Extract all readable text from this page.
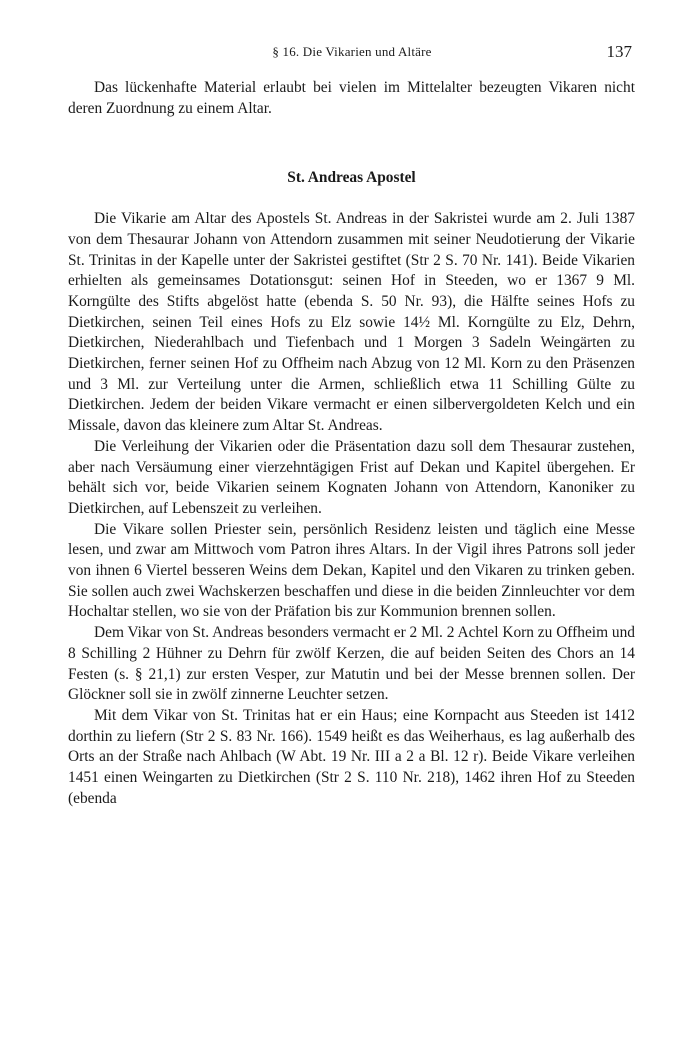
§ 16. Die Vikarien und Altäre	137

Das lückenhafte Material erlaubt bei vielen im Mittelalter bezeugten Vikaren nicht deren Zuordnung zu einem Altar.

St. Andreas Apostel

Die Vikarie am Altar des Apostels St. Andreas in der Sakristei wurde am 2. Juli 1387 von dem Thesaurar Johann von Attendorn zusammen mit seiner Neudotierung der Vikarie St. Trinitas in der Kapelle unter der Sakristei gestiftet (Str 2 S. 70 Nr. 141). Beide Vikarien erhielten als gemeinsames Dotationsgut: seinen Hof in Steeden, wo er 1367 9 Ml. Korngülte des Stifts abgelöst hatte (ebenda S. 50 Nr. 93), die Hälfte seines Hofs zu Dietkirchen, seinen Teil eines Hofs zu Elz sowie 14½ Ml. Korngülte zu Elz, Dehrn, Dietkirchen, Niederahlbach und Tiefenbach und 1 Morgen 3 Sadeln Weingärten zu Dietkirchen, ferner seinen Hof zu Offheim nach Abzug von 12 Ml. Korn zu den Präsenzen und 3 Ml. zur Verteilung unter die Armen, schließlich etwa 11 Schilling Gülte zu Dietkirchen. Jedem der beiden Vikare vermacht er einen silbervergoldeten Kelch und ein Missale, davon das kleinere zum Altar St. Andreas.

Die Verleihung der Vikarien oder die Präsentation dazu soll dem Thesaurar zustehen, aber nach Versäumung einer vierzehntägigen Frist auf Dekan und Kapitel übergehen. Er behält sich vor, beide Vikarien seinem Kognaten Johann von Attendorn, Kanoniker zu Dietkirchen, auf Lebenszeit zu verleihen.

Die Vikare sollen Priester sein, persönlich Residenz leisten und täglich eine Messe lesen, und zwar am Mittwoch vom Patron ihres Altars. In der Vigil ihres Patrons soll jeder von ihnen 6 Viertel besseren Weins dem Dekan, Kapitel und den Vikaren zu trinken geben. Sie sollen auch zwei Wachskerzen beschaffen und diese in die beiden Zinnleuchter vor dem Hochaltar stellen, wo sie von der Präfation bis zur Kommunion brennen sollen.

Dem Vikar von St. Andreas besonders vermacht er 2 Ml. 2 Achtel Korn zu Offheim und 8 Schilling 2 Hühner zu Dehrn für zwölf Kerzen, die auf beiden Seiten des Chors an 14 Festen (s. § 21,1) zur ersten Vesper, zur Matutin und bei der Messe brennen sollen. Der Glöckner soll sie in zwölf zinnerne Leuchter setzen.

Mit dem Vikar von St. Trinitas hat er ein Haus; eine Kornpacht aus Steeden ist 1412 dorthin zu liefern (Str 2 S. 83 Nr. 166). 1549 heißt es das Weiherhaus, es lag außerhalb des Orts an der Straße nach Ahlbach (W Abt. 19 Nr. III a 2 a Bl. 12 r). Beide Vikare verleihen 1451 einen Weingarten zu Dietkirchen (Str 2 S. 110 Nr. 218), 1462 ihren Hof zu Steeden (ebenda
